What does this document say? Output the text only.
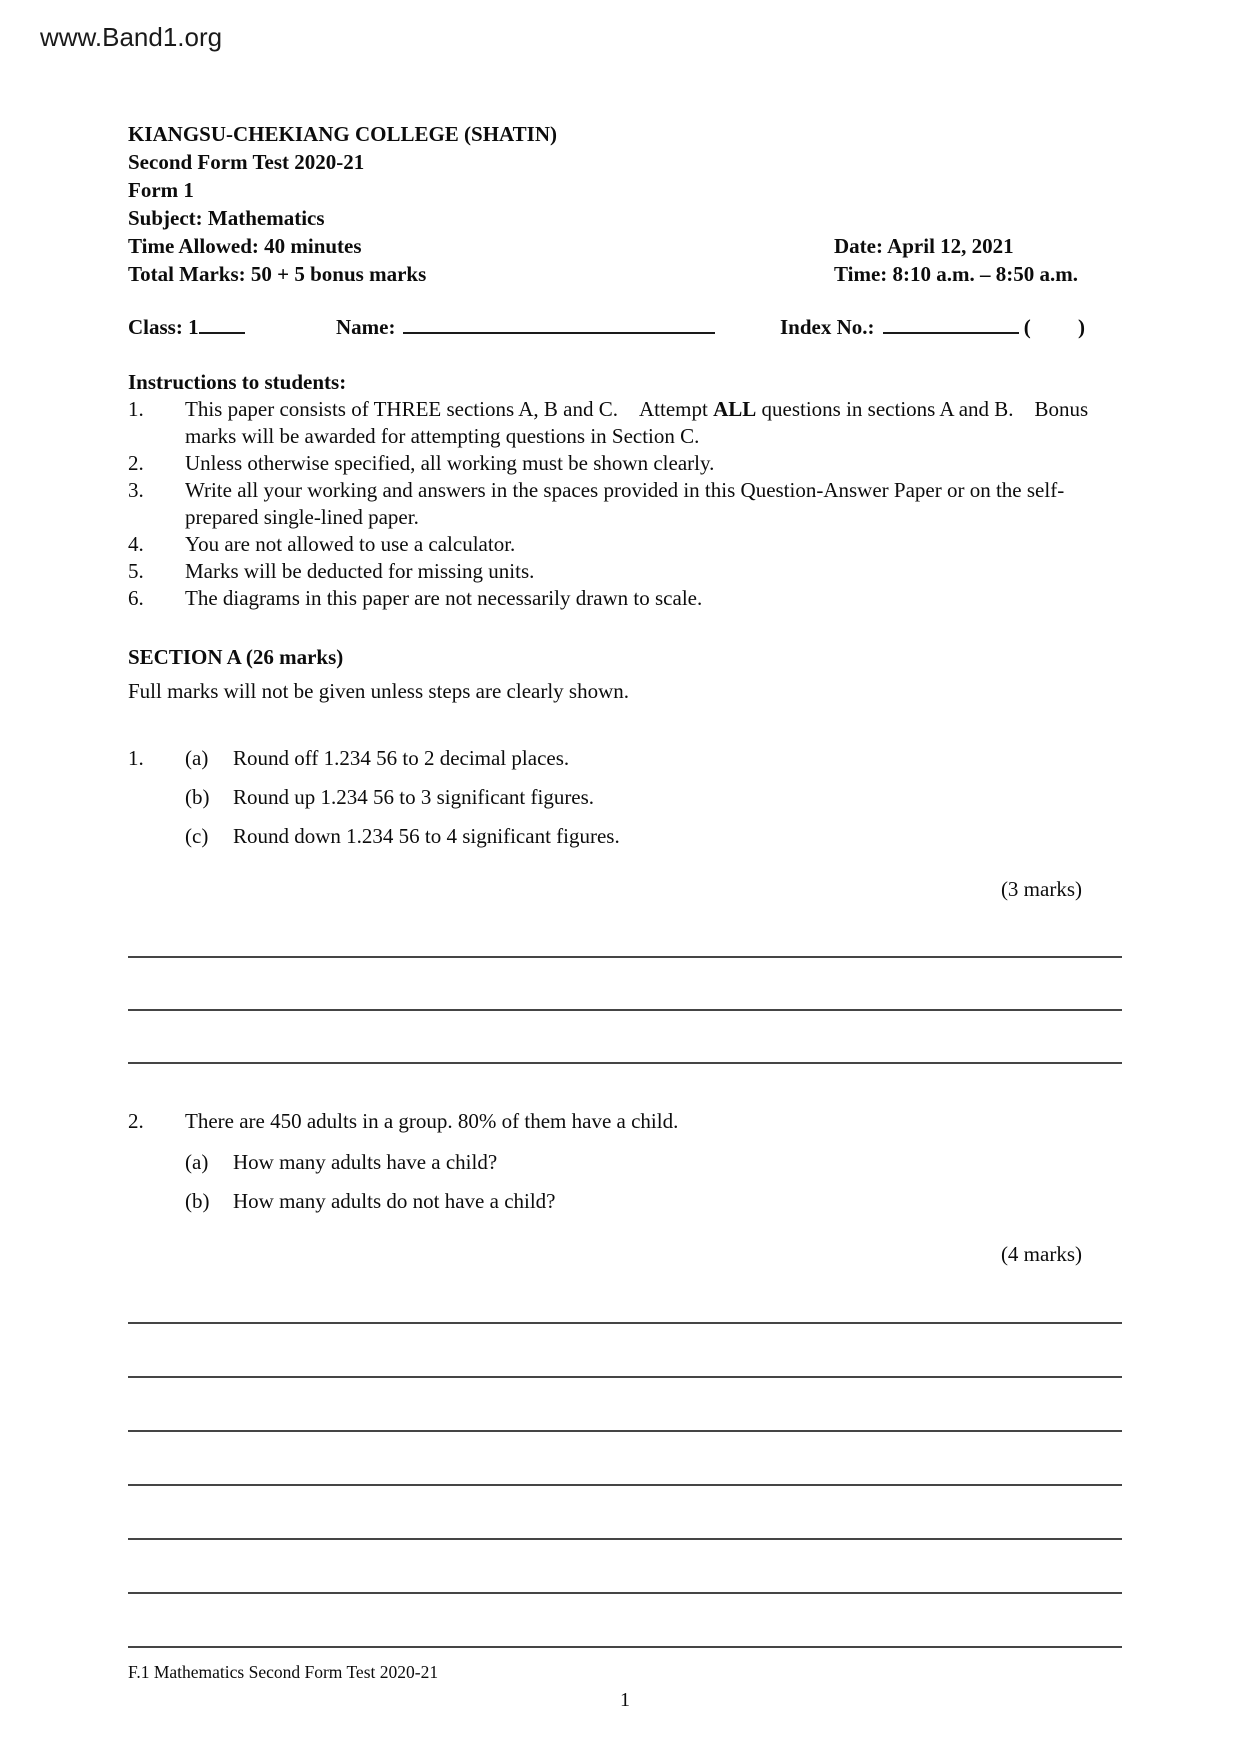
www.Band1.org
KIANGSU-CHEKIANG COLLEGE (SHATIN)
Second Form Test 2020-21
Form 1
Subject: Mathematics
Time Allowed: 40 minutes	Date: April 12, 2021
Total Marks: 50 + 5 bonus marks	Time: 8:10 a.m. – 8:50 a.m.
Class: 1	Name:	Index No.:	(         )
Instructions to students:
1.	This paper consists of THREE sections A, B and C. Attempt ALL questions in sections A and B. Bonus marks will be awarded for attempting questions in Section C.
2.	Unless otherwise specified, all working must be shown clearly.
3.	Write all your working and answers in the spaces provided in this Question-Answer Paper or on the self-prepared single-lined paper.
4.	You are not allowed to use a calculator.
5.	Marks will be deducted for missing units.
6.	The diagrams in this paper are not necessarily drawn to scale.
SECTION A (26 marks)
Full marks will not be given unless steps are clearly shown.
1.	(a)	Round off 1.234 56 to 2 decimal places.
(b)	Round up 1.234 56 to 3 significant figures.
(c)	Round down 1.234 56 to 4 significant figures.
(3 marks)
2.	There are 450 adults in a group. 80% of them have a child.
(a)	How many adults have a child?
(b)	How many adults do not have a child?
(4 marks)
F.1 Mathematics Second Form Test 2020-21
1
